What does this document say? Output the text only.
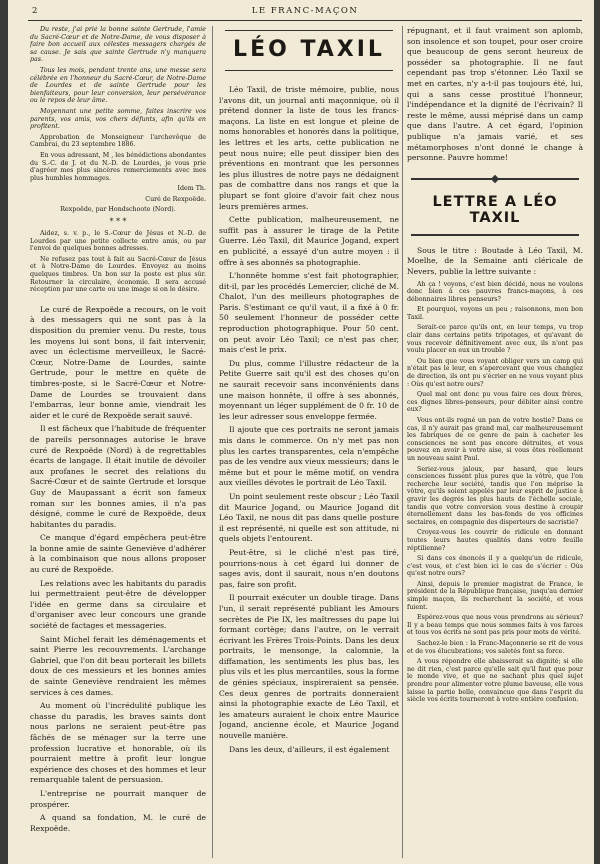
2	LE FRANC-MAÇON

Du reste, j'ai prié la bonne sainte Gertrude, l'amie du Sacré-Cœur et de Notre-Dame, de vous disposer à faire bon accueil aux célestes messagers chargés de sa cause. Je sais que sainte Gertrude n'y manquera pas.

Tous les mois, pendant trente ans, une messe sera célébrée en l'honneur du Sacré-Cœur, de Notre-Dame de Lourdes et de sainte Gertrude pour les bienfaiteurs, pour leur conversion, leur persévérance ou le repos de leur âme.

Moyennant une petite somme, faites inscrire vos parents, vos amis, vos chers défunts, afin qu'ils en profitent.

Approbation de Monseigneur l'archevêque de Cambrai, du 23 septembre 1886.

En vous adressant, M , les bénédictions abondantes du S.-C. de J. et du N.-D. de Lourdes, je vous prie d'agréer mes plus sincères remerciements avec mes plus humbles hommages.

Idem Th.

Curé de Rexpoëde.

Rexpoëde, par Hondschoote (Nord).

* * *

Aidez, s. v. p., le S.-Cœur de Jésus et N.-D. de Lourdes par une petite collecte entre amis, ou par l'envoi de quelques bonnes adresses.

Ne refusez pas tout à fait au Sacré-Cœur de Jésus et à Notre-Dame de Lourdes. Envoyez au moins quelques timbres. Un bon sur la poste est plus sûr. Retourner la circulaire, économie. Il sera accusé réception par une carte ou une image si on le désire.

Le curé de Rexpoëde a recours, on le voit à des messagers qui ne sont pas à la disposition du premier venu. Du reste, tous les moyens lui sont bons, il fait intervenir, avec un éclectisme merveilleux, le Sacré-Cœur, Notre-Dame de Lourdes, sainte Gertrude, pour le mettre en quête de timbres-poste, si le Sacré-Cœur et Notre-Dame de Lourdes se trouvaient dans l'embarras, leur bonne amie, viendrait les aider et le curé de Rexpoëde serait sauvé.

Il est fâcheux que l'habitude de fréquenter de pareils personnages autorise le brave curé de Rexpoëde (Nord) à de regrettables écarts de langage. Il était inutile de dévoiler aux profanes le secret des relations du Sacré-Cœur et de sainte Gertrude et lorsque Guy de Maupassant a écrit son fameux roman sur les bonnes amies, il n'a pas désigné, comme le curé de Rexpoëde, deux habitantes du paradis.

Ce manque d'égard empêchera peut-être la bonne amie de sainte Geneviève d'adhérer à la combinaison que nous allons proposer au curé de Rexpoëde.

Les relations avec les habitants du paradis lui permettraient peut-être de développer l'idée en germe dans sa circulaire et d'organiser avec leur concours une grande société de factages et messageries.

Saint Michel ferait les déménagements et saint Pierre les recouvrements. L'archange Gabriel, que l'on dit beau porterait les billets doux de ces messieurs et les bonnes amies de sainte Geneviève rendraient les mêmes services à ces dames.

Au moment où l'incrédulité publique les chasse du paradis, les braves saints dont nous parlons ne seraient peut-être pas fâchés de se ménager sur la terre une profession lucrative et honorable, où ils pourraient mettre à profit leur longue expérience des choses et des hommes et leur remarquable talent de persuasion.

L'entreprise ne pourrait manquer de prospérer.

A quand sa fondation, M. le curé de Rexpoëde.

LÉO TAXIL

Léo Taxil, de triste mémoire, publie, nous l'avons dit, un journal anti maçonnique, où il prétend donner la liste de tous les francs-maçons. La liste en est longue et pleine de noms honorables et honorés dans la politique, les lettres et les arts, cette publication ne peut nous nuire; elle peut dissiper bien des préventions en montrant que les personnes les plus illustres de notre pays ne dédaignent pas de combattre dans nos rangs et que la plupart se font gloire d'avoir fait chez nous leurs premières armes.

Cette publication, malheureusement, ne suffit pas à assurer le tirage de la Petite Guerre. Léo Taxil, dit Maurice Jogand, expert en publicité, a essayé d'un autre moyen : il offre à ses abonnés sa photographie.

L'honnête homme s'est fait photographier, dit-il, par les procédés Lemercier, cliché de M. Chalot, l'un des meilleurs photographes de Paris. S'estimant ce qu'il vaut, il a fixé à 0 fr. 50 seulement l'honneur de posséder cette reproduction photographique. Pour 50 cent. on peut avoir Léo Taxil; ce n'est pas cher, mais c'est le prix.

Du plus, comme l'illustre rédacteur de la Petite Guerre sait qu'il est des choses qu'on ne saurait recevoir sans inconvénients dans une maison honnête, il offre à ses abonnés, moyennant un léger supplément de 0 fr. 10 de les leur adresser sous enveloppe fermée.

Il ajoute que ces portraits ne seront jamais mis dans le commerce. On n'y met pas non plus les cartes transparentes, cela n'empêche pas de les vendre aux vieux messieurs; dans le même but et pour le même motif, on vendra aux vieilles dévotes le portrait de Léo Taxil.

Un point seulement reste obscur ; Léo Taxil dit Maurice Jogand, ou Maurice Jogand dit Léo Taxil, ne nous dit pas dans quelle posture il est représenté, ni quelle est son attitude, ni quels objets l'entourent.

Peut-être, si le cliché n'est pas tiré, pourrions-nous à cet égard lui donner de sages avis, dont il saurait, nous n'en doutons pas, faire son profit.

Il pourrait exécuter un double tirage. Dans l'un, il serait représenté publiant les Amours secrètes de Pie IX, les maîtresses du pape lui formant cortège; dans l'autre, on le verrait écrivant les Frères Trois-Points. Dans les deux portraits, le mensonge, la calomnie, la diffamation, les sentiments les plus bas, les plus vils et les plus mercantiles, sous la forme de génies spéciaux, inspireraient sa pensée. Ces deux genres de portraits donneraient ainsi la photographie exacte de Léo Taxil, et les amateurs auraient le choix entre Maurice Jogand, ancienne école, et Maurice Jogand nouvelle manière.

Dans les deux, d'ailleurs, il est également

répugnant, et il faut vraiment son aplomb, son insolence et son toupet, pour oser croire que beaucoup de gens seront heureux de posséder sa photographie. Il ne faut cependant pas trop s'étonner. Léo Taxil se met en cartes, n'y a-t-il pas toujours été, lui, qui a sans cesse prostitué l'honneur, l'indépendance et la dignité de l'écrivain? Il reste le même, aussi méprisé dans un camp que dans l'autre. A cet égard, l'opinion publique n'a jamais varié, et ses métamorphoses n'ont donné le change à personne. Pauvre homme!

LETTRE A LÉO TAXIL

Sous le titre : Boutade à Léo Taxil, M. Moelhe, de la Semaine anti cléricale de Nevers, publie la lettre suivante :

Ah ça ! voyons, c'est bien décidé, nous ne voulons donc bien à ces pauvres francs-maçons, à ces débonnaires libres penseurs?

Et pourquoi, voyons un peu ; raisonnons, mon bon Taxil.

Serait-ce parce qu'ils ont, en leur temps, vu trop clair dans certains petits tripotages, et qu'avant de vous recevoir définitivement avec eux, ils n'ont pas voulu placer en eux un trouble ?

Ou bien que vous voyant obliger vers un camp qui n'était pas le leur, en s'apercevant que vous changiez de direction, ils ont pu s'écrier en ne vous voyant plus : Oùs qu'est notre ours?

Quel mal ont donc pu vous faire ces doux frères, ces dignes libres-penseurs, pour débiter ainsi contre eux?

Vous ont-ils rogné un pan de votre hostie? Dans ce cas, il n'y aurait pas grand mal, car malheureusement les fabriques de ce genre de pain à cacheter les consciences ne sont pas encore détruites, et vous pouvez en avoir à votre aise, si vous êtes réellement un nouveau saint Paul.

Seriez-vous jaloux, par hasard, que leurs consciences fussent plus pures que la vôtre, que l'on recherche leur société, tandis que l'on méprise la vôtre, qu'ils soient appelés par leur esprit de justice à gravir les degrés les plus hauts de l'échelle sociale, tandis que votre conversion vous destine à croupir éternellement dans les bas-fonds de vos officines sectaires, en compagnie des disperteurs de sacristie?

Croyez-vous les couvrir de ridicule en donnant toutes leurs hautes qualités dans votre feuille réptilienne?

Si dans ces énoncés il y a quelqu'un de ridicule, c'est vous, et c'est bien ici le cas de s'écrier : Oùs qu'est notre ours?

Ainsi, depuis le premier magistrat de France, le président de la République française, jusqu'au dernier simple maçon, ils recherchent la société, et vous fuient.

Espérez-vous que nous vous prendrons au sérieux? Il y a beau temps que nous sommes faits à vos farces et tous vos écrits ne sont pas pris pour mots de vérité.

Sachez-le bien : la Franc-Maçonnerie se rit de vous et de vos élucubrations; vos saletés font sa force.

A vous répondre elle abaisserait sa dignité; si elle ne dit rien, c'est parce qu'elle sait qu'il faut que pour le monde vive, et que ne sachant plus quel sujet prendre pour alimenter votre plume baveuse, elle vous laisse la partie belle, convaincue que dans l'esprit du siècle vos écrits tourneront à votre entière confusion.
